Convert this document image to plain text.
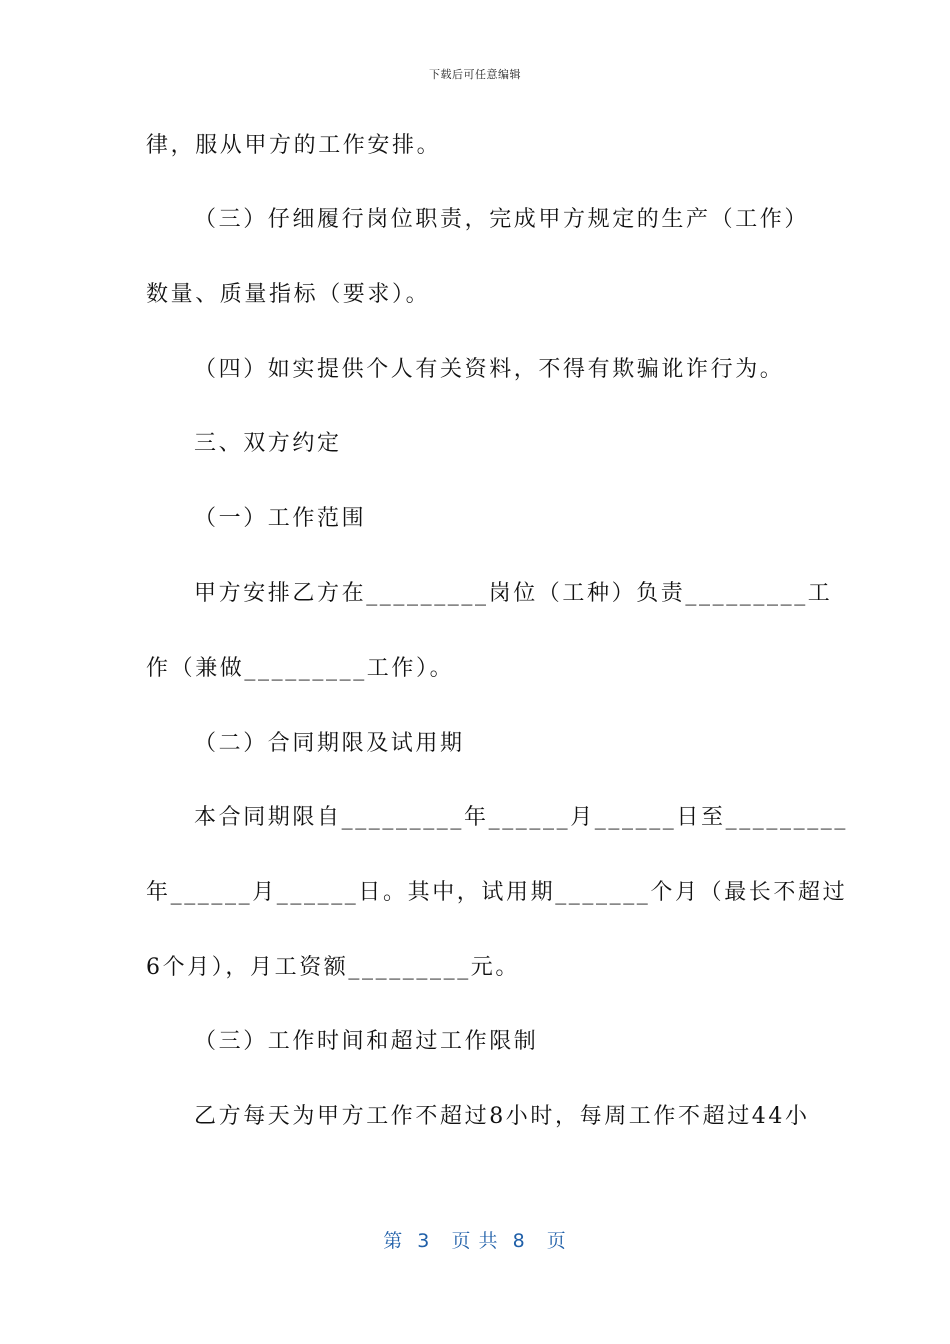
下载后可任意编辑
律，服从甲方的工作安排。
（三）仔细履行岗位职责，完成甲方规定的生产（工作）
数量、质量指标（要求）。
（四）如实提供个人有关资料，不得有欺骗讹诈行为。
三、双方约定
（一）工作范围
甲方安排乙方在_________岗位（工种）负责_________工
作（兼做_________工作）。
（二）合同期限及试用期
本合同期限自_________年______月______日至_________
年______月______日。其中，试用期_______个月（最长不超过
6个月），月工资额_________元。
（三）工作时间和超过工作限制
乙方每天为甲方工作不超过8小时，每周工作不超过44小
第  3   页 共  8   页
